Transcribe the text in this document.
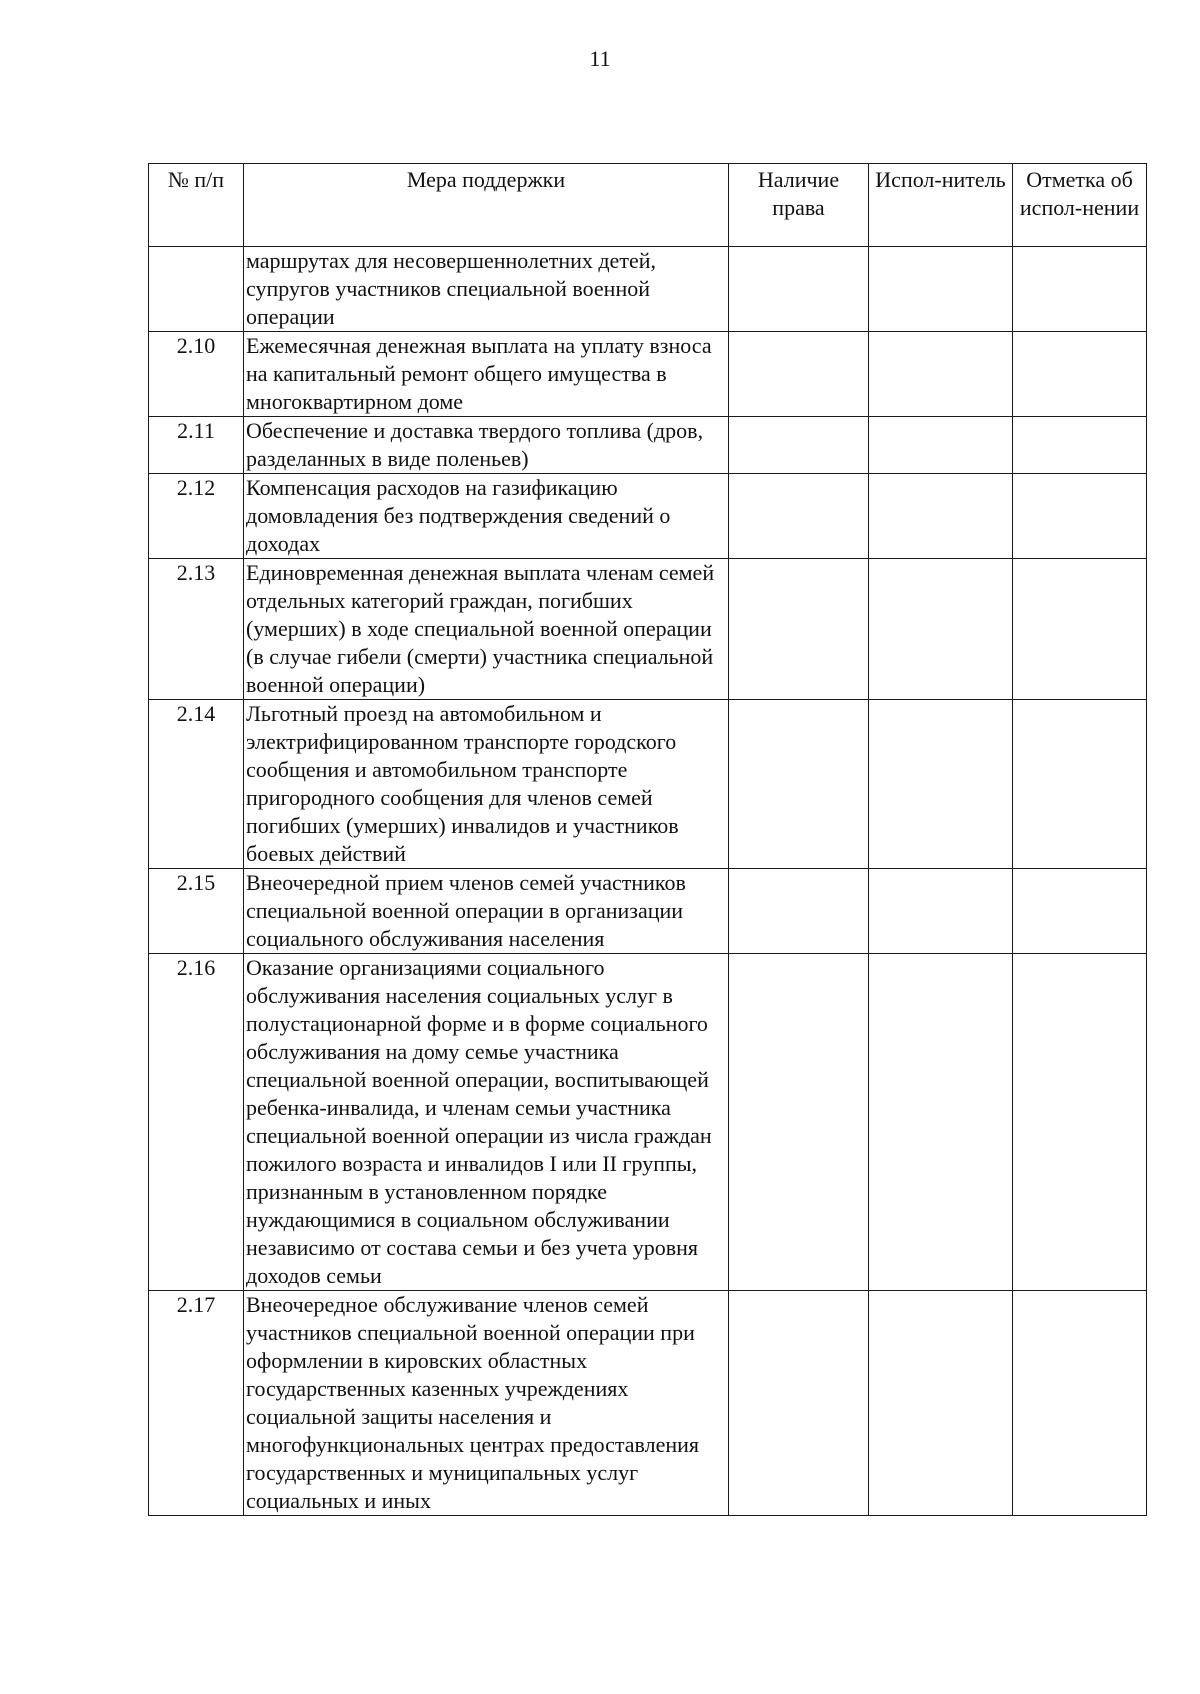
11
№ п/п	Мера поддержки	Наличие права	Испол-нитель	Отметка об испол-нении
	маршрутах для несовершеннолетних детей, супругов участников специальной военной операции			
2.10	Ежемесячная денежная выплата на уплату взноса на капитальный ремонт общего имущества в многоквартирном доме			
2.11	Обеспечение и доставка твердого топлива (дров, разделанных в виде поленьев)			
2.12	Компенсация расходов на газификацию домовладения без подтверждения сведений о доходах			
2.13	Единовременная денежная выплата членам семей отдельных категорий граждан, погибших (умерших) в ходе специальной военной операции (в случае гибели (смерти) участника специальной военной операции)			
2.14	Льготный проезд на автомобильном и электрифицированном транспорте городского сообщения и автомобильном транспорте пригородного сообщения для членов семей погибших (умерших) инвалидов и участников боевых действий			
2.15	Внеочередной прием членов семей участников специальной военной операции в организации социального обслуживания населения			
2.16	Оказание организациями социального обслуживания населения социальных услуг в полустационарной форме и в форме социального обслуживания на дому семье участника специальной военной операции, воспитывающей ребенка-инвалида, и членам семьи участника специальной военной операции из числа граждан пожилого возраста и инвалидов I или II группы, признанным в установленном порядке нуждающимися в социальном обслуживании независимо от состава семьи и без учета уровня доходов семьи			
2.17	Внеочередное обслуживание членов семей участников специальной военной операции при оформлении в кировских областных государственных казенных учреждениях социальной защиты населения и многофункциональных центрах предоставления государственных и муниципальных услуг социальных и иных			
